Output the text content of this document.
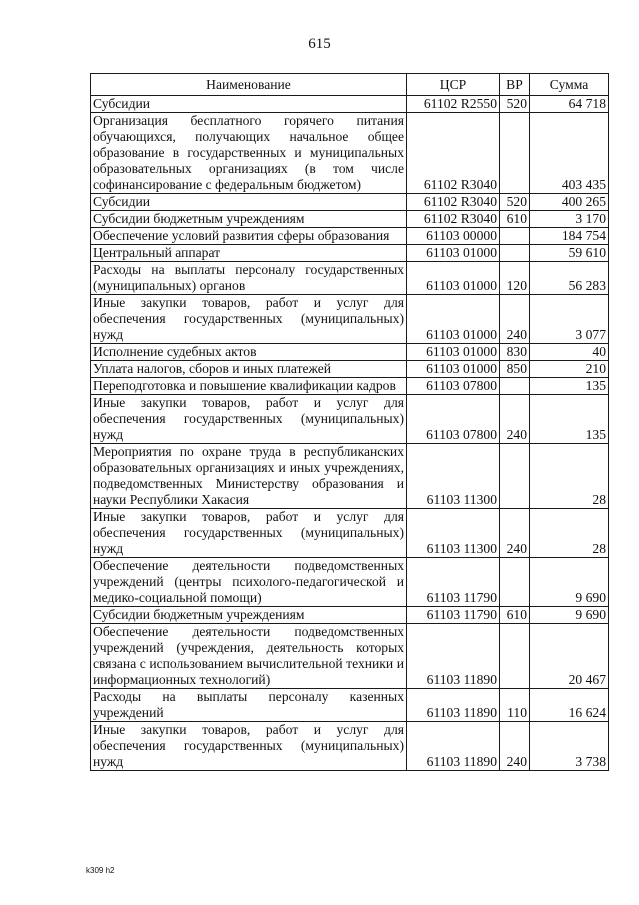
615
Наименование	ЦСР	ВР	Сумма
Субсидии	61102 R2550	520	64 718
Организация бесплатного горячего питания обучающихся, получающих начальное общее образование в государственных и муниципальных образовательных организациях (в том числе софинансирование с федеральным бюджетом)	61102 R3040		403 435
Субсидии	61102 R3040	520	400 265
Субсидии бюджетным учреждениям	61102 R3040	610	3 170
Обеспечение условий развития сферы образования	61103 00000		184 754
Центральный аппарат	61103 01000		59 610
Расходы на выплаты персоналу государственных (муниципальных) органов	61103 01000	120	56 283
Иные закупки товаров, работ и услуг для обеспечения государственных (муниципальных) нужд	61103 01000	240	3 077
Исполнение судебных актов	61103 01000	830	40
Уплата налогов, сборов и иных платежей	61103 01000	850	210
Переподготовка и повышение квалификации кадров	61103 07800		135
Иные закупки товаров, работ и услуг для обеспечения государственных (муниципальных) нужд	61103 07800	240	135
Мероприятия по охране труда в республиканских образовательных организациях и иных учреждениях, подведомственных Министерству образования и науки Республики Хакасия	61103 11300		28
Иные закупки товаров, работ и услуг для обеспечения государственных (муниципальных) нужд	61103 11300	240	28
Обеспечение деятельности подведомственных учреждений (центры психолого-педагогической и медико-социальной помощи)	61103 11790		9 690
Субсидии бюджетным учреждениям	61103 11790	610	9 690
Обеспечение деятельности подведомственных учреждений (учреждения, деятельность которых связана с использованием вычислительной техники и информационных технологий)	61103 11890		20 467
Расходы на выплаты персоналу казенных учреждений	61103 11890	110	16 624
Иные закупки товаров, работ и услуг для обеспечения государственных (муниципальных) нужд	61103 11890	240	3 738
k309 h2
